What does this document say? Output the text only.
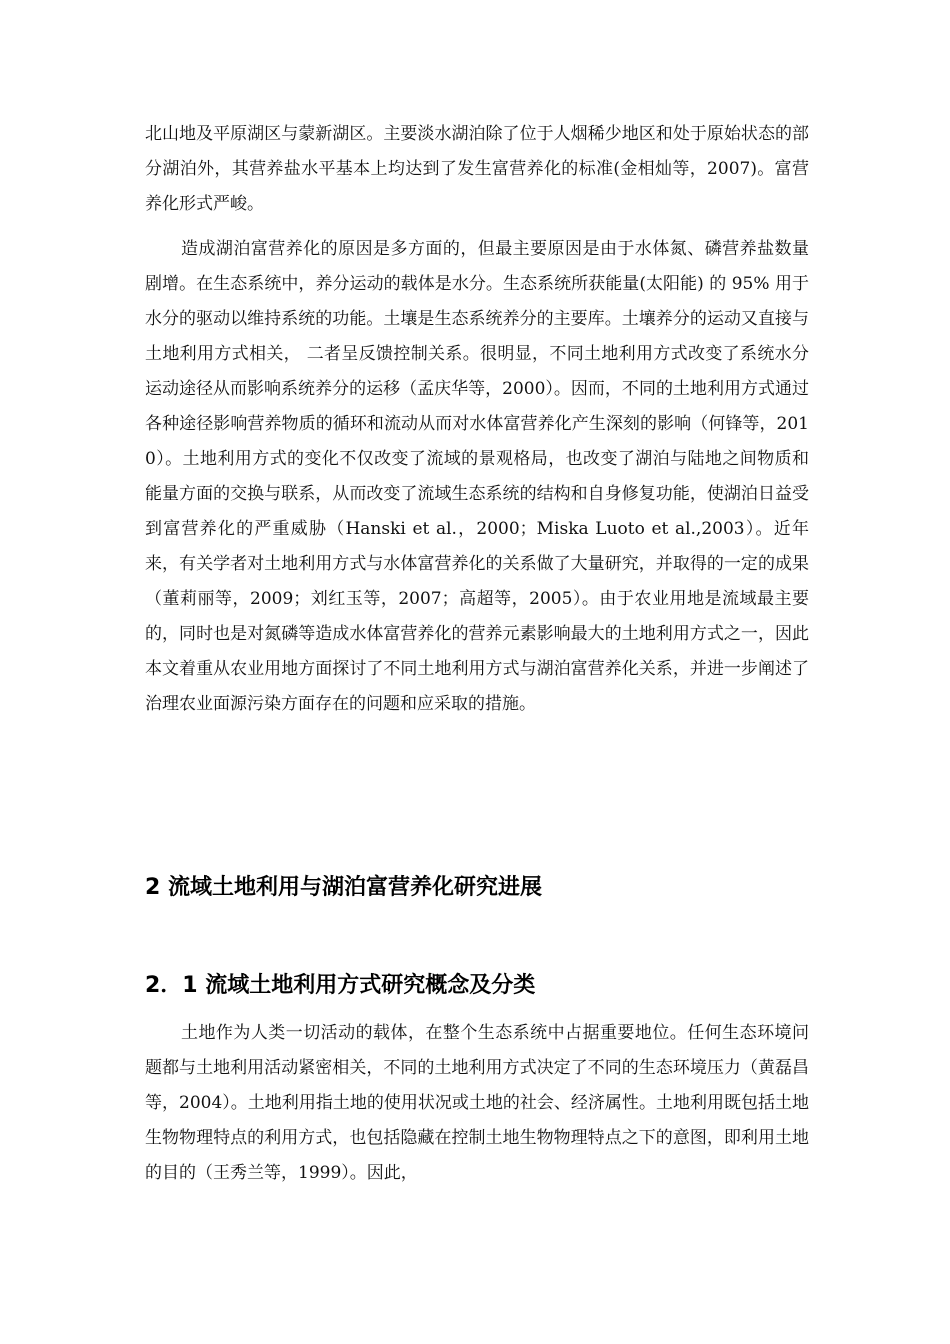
北山地及平原湖区与蒙新湖区。主要淡水湖泊除了位于人烟稀少地区和处于原始状态的部分湖泊外，其营养盐水平基本上均达到了发生富营养化的标准(金相灿等，2007)。富营养化形式严峻。

造成湖泊富营养化的原因是多方面的，但最主要原因是由于水体氮、磷营养盐数量剧增。在生态系统中，养分运动的载体是水分。生态系统所获能量(太阳能) 的 95% 用于水分的驱动以维持系统的功能。土壤是生态系统养分的主要库。土壤养分的运动又直接与土地利用方式相关， 二者呈反馈控制关系。很明显，不同土地利用方式改变了系统水分运动途径从而影响系统养分的运移（孟庆华等，2000）。因而，不同的土地利用方式通过各种途径影响营养物质的循环和流动从而对水体富营养化产生深刻的影响（何锋等，2010）。土地利用方式的变化不仅改变了流域的景观格局，也改变了湖泊与陆地之间物质和能量方面的交换与联系，从而改变了流域生态系统的结构和自身修复功能，使湖泊日益受到富营养化的严重威胁（Hanski et al.，2000；Miska Luoto et al.,2003）。近年来，有关学者对土地利用方式与水体富营养化的关系做了大量研究，并取得的一定的成果（董莉丽等，2009；刘红玉等，2007；高超等，2005）。由于农业用地是流域最主要的，同时也是对氮磷等造成水体富营养化的营养元素影响最大的土地利用方式之一，因此本文着重从农业用地方面探讨了不同土地利用方式与湖泊富营养化关系，并进一步阐述了治理农业面源污染方面存在的问题和应采取的措施。

2 流域土地利用与湖泊富营养化研究进展
2．1 流域土地利用方式研究概念及分类

土地作为人类一切活动的载体，在整个生态系统中占据重要地位。任何生态环境问题都与土地利用活动紧密相关，不同的土地利用方式决定了不同的生态环境压力（黄磊昌等，2004）。土地利用指土地的使用状况或土地的社会、经济属性。土地利用既包括土地生物物理特点的利用方式，也包括隐藏在控制土地生物物理特点之下的意图，即利用土地的目的（王秀兰等，1999）。因此，
